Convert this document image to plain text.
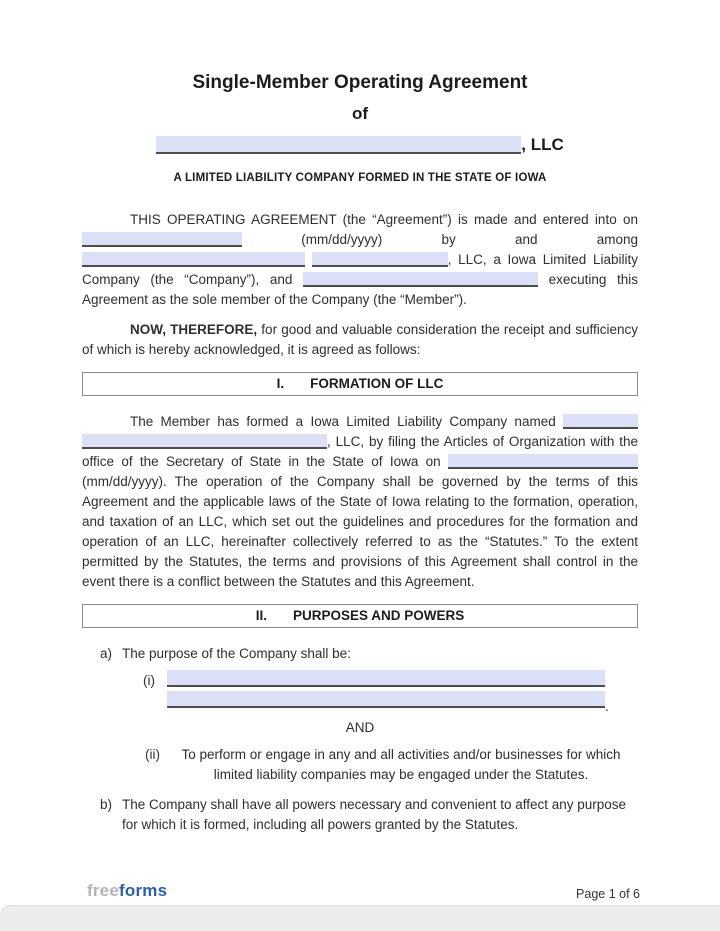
Single-Member Operating Agreement
of
, LLC
A LIMITED LIABILITY COMPANY FORMED IN THE STATE OF IOWA

THIS OPERATING AGREEMENT (the “Agreement”) is made and entered into on  (mm/dd/yyyy) by and among  , LLC, a Iowa Limited Liability Company (the “Company”), and	executing this Agreement as the sole member of the Company (the “Member”).

NOW, THEREFORE, for good and valuable consideration the receipt and sufficiency of which is hereby acknowledged, it is agreed as follows:

I. FORMATION OF LLC

The Member has formed a Iowa Limited Liability Company named  , LLC, by filing the Articles of Organization with the office of the Secretary of State in the State of Iowa on  (mm/dd/yyyy). The operation of the Company shall be governed by the terms of this Agreement and the applicable laws of the State of Iowa relating to the formation, operation, and taxation of an LLC, which set out the guidelines and procedures for the formation and operation of an LLC, hereinafter collectively referred to as the “Statutes.” To the extent permitted by the Statutes, the terms and provisions of this Agreement shall control in the event there is a conflict between the Statutes and this Agreement.

II. PURPOSES AND POWERS
a) The purpose of the Company shall be:
(i)
.
AND
(ii)	To perform or engage in any and all activities and/or businesses for which limited liability companies may be engaged under the Statutes.
b) The Company shall have all powers necessary and convenient to affect any purpose for which it is formed, including all powers granted by the Statutes.
freeforms	Page 1 of 6
